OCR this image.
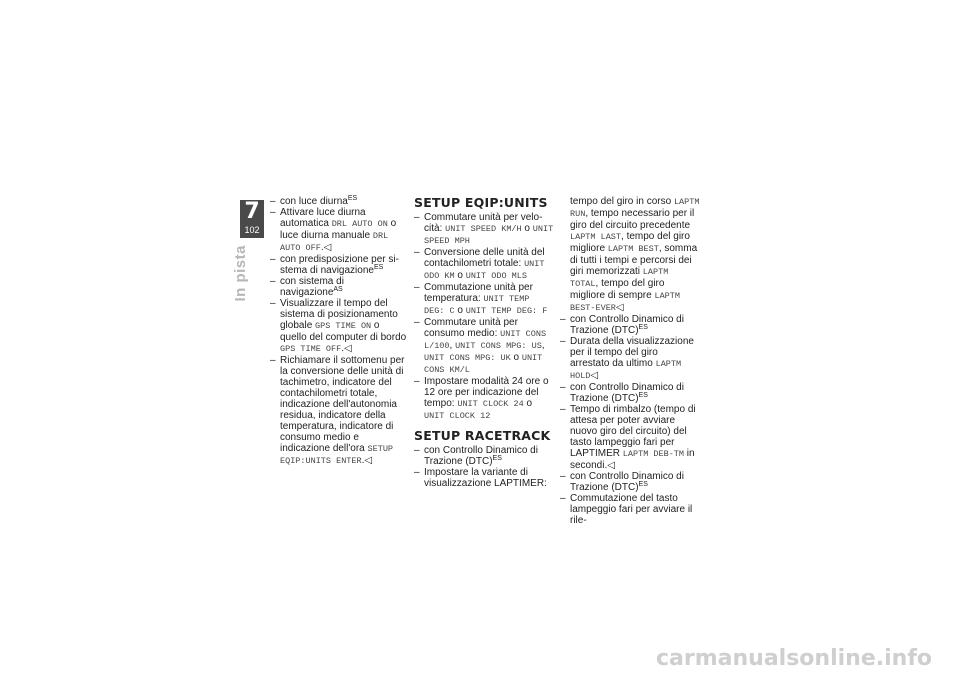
7
102
In pista
– con luce diurna$^{ES}$
– Attivare luce diurna automatica DRL AUTO ON o luce diurna manuale DRL AUTO OFF.◁
– con predisposizione per sistema di navigazione$^{ES}$
– con sistema di navigazione$^{AS}$
– Visualizzare il tempo del sistema di posizionamento globale GPS TIME ON o quello del computer di bordo GPS TIME OFF.◁
– Richiamare il sottomenu per la conversione delle unità di tachimetro, indicatore del contachilometri totale, indicazione dell'autonomia residua, indicatore della temperatura, indicatore di consumo medio e indicazione dell'ora SETUP EQIP:UNITS ENTER.◁
SETUP EQIP:UNITS
– Commutare unità per velocità: UNIT SPEED KM/H o UNIT SPEED MPH
– Conversione delle unità del contachilometri totale: UNIT ODO KM o UNIT ODO MLS
– Commutazione unità per temperatura: UNIT TEMP DEG: C o UNIT TEMP DEG: F
– Commutare unità per consumo medio: UNIT CONS L/100, UNIT CONS MPG: US, UNIT CONS MPG: UK o UNIT CONS KM/L
– Impostare modalità 24 ore o 12 ore per indicazione del tempo: UNIT CLOCK 24 o UNIT CLOCK 12
SETUP RACETRACK
– con Controllo Dinamico di Trazione (DTC)$^{ES}$
– Impostare la variante di visualizzazione LAPTIMER:
tempo del giro in corso LAPTM RUN, tempo necessario per il giro del circuito precedente LAPTM LAST, tempo del giro migliore LAPTM BEST, somma di tutti i tempi e percorsi dei giri memorizzati LAPTM TOTAL, tempo del giro migliore di sempre LAPTM BEST-EVER◁
– con Controllo Dinamico di Trazione (DTC)$^{ES}$
– Durata della visualizzazione per il tempo del giro arrestato da ultimo LAPTM HOLD◁
– con Controllo Dinamico di Trazione (DTC)$^{ES}$
– Tempo di rimbalzo (tempo di attesa per poter avviare nuovo giro del circuito) del tasto lampeggio fari per LAPTIMER LAPTM DEB-TM in secondi.◁
– con Controllo Dinamico di Trazione (DTC)$^{ES}$
– Commutazione del tasto lampeggio fari per avviare il rile-
carmanualsonline.info
